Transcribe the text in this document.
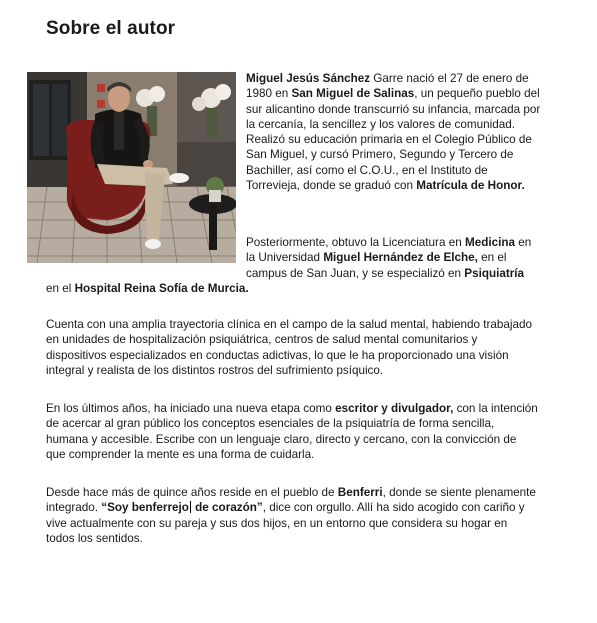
Sobre el autor

Miguel Jesús Sánchez Garre nació el 27 de enero de 1980 en San Miguel de Salinas, un pequeño pueblo del sur alicantino donde transcurrió su infancia, marcada por la cercanía, la sencillez y los valores de comunidad. Realizó su educación primaria en el Colegio Público de San Miguel, y cursó Primero, Segundo y Tercero de Bachiller, así como el C.O.U., en el Instituto de Torrevieja, donde se graduó con Matrícula de Honor.

Posteriormente, obtuvo la Licenciatura en Medicina en la Universidad Miguel Hernández de Elche, en el campus de San Juan, y se especializó en Psiquiatría

en el Hospital Reina Sofía de Murcia.

Cuenta con una amplia trayectoria clínica en el campo de la salud mental, habiendo trabajado en unidades de hospitalización psiquiátrica, centros de salud mental comunitarios y dispositivos especializados en conductas adictivas, lo que le ha proporcionado una visión integral y realista de los distintos rostros del sufrimiento psíquico.

En los últimos años, ha iniciado una nueva etapa como escritor y divulgador, con la intención de acercar al gran público los conceptos esenciales de la psiquiatría de forma sencilla, humana y accesible. Escribe con un lenguaje claro, directo y cercano, con la convicción de que comprender la mente es una forma de cuidarla.

Desde hace más de quince años reside en el pueblo de Benferri, donde se siente plenamente integrado. “Soy benferrejo de corazón”, dice con orgullo. Allí ha sido acogido con cariño y vive actualmente con su pareja y sus dos hijos, en un entorno que considera su hogar en todos los sentidos.
